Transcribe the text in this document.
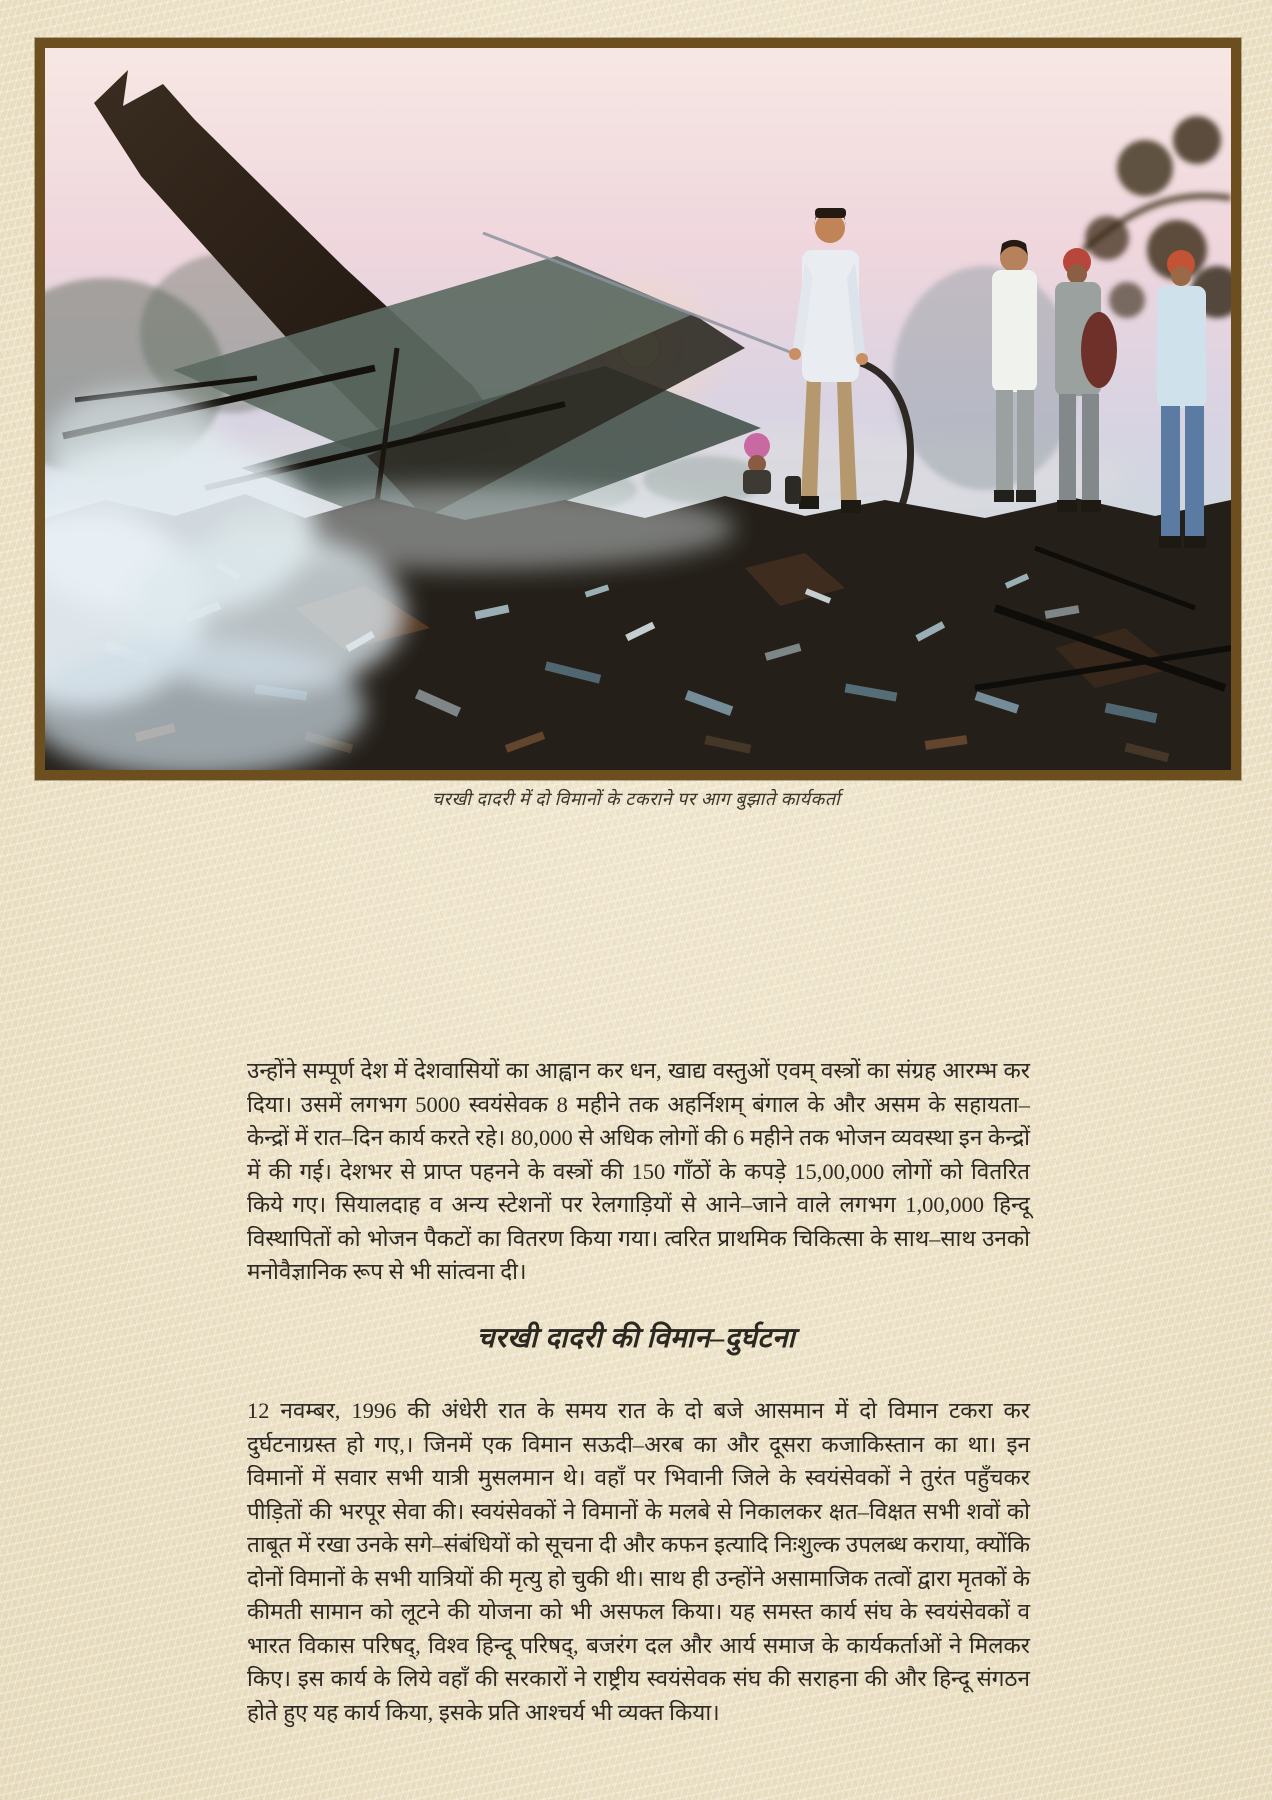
चरखी दादरी में दो विमानों के टकराने पर आग बुझाते कार्यकर्ता

उन्होंने सम्पूर्ण देश में देशवासियों का आह्वान कर धन, खाद्य वस्तुओं एवम् वस्त्रों का संग्रह आरम्भ कर दिया। उसमें लगभग 5000 स्वयंसेवक 8 महीने तक अहर्निशम् बंगाल के और असम के सहायता– केन्द्रों में रात–दिन कार्य करते रहे। 80,000 से अधिक लोगों की 6 महीने तक भोजन व्यवस्था इन केन्द्रों में की गई। देशभर से प्राप्त पहनने के वस्त्रों की 150 गाँठों के कपड़े 15,00,000 लोगों को वितरित किये गए। सियालदाह व अन्य स्टेशनों पर रेलगाड़ियों से आने–जाने वाले लगभग 1,00,000 हिन्दू विस्थापितों को भोजन पैकटों का वितरण किया गया। त्वरित प्राथमिक चिकित्सा के साथ–साथ उनको मनोवैज्ञानिक रूप से भी सांत्वना दी।

चरखी दादरी की विमान–दुर्घटना

12 नवम्बर, 1996 की अंधेरी रात के समय रात के दो बजे आसमान में दो विमान टकरा कर दुर्घटनाग्रस्त हो गए,। जिनमें एक विमान सऊदी–अरब का और दूसरा कजाकिस्तान का था। इन विमानों में सवार सभी यात्री मुसलमान थे। वहाँ पर भिवानी जिले के स्वयंसेवकों ने तुरंत पहुँचकर पीड़ितों की भरपूर सेवा की। स्वयंसेवकों ने विमानों के मलबे से निकालकर क्षत–विक्षत सभी शवों को ताबूत में रखा उनके सगे–संबंधियों को सूचना दी और कफन इत्यादि निःशुल्क उपलब्ध कराया, क्योंकि दोनों विमानों के सभी यात्रियों की मृत्यु हो चुकी थी। साथ ही उन्होंने असामाजिक तत्वों द्वारा मृतकों के कीमती सामान को लूटने की योजना को भी असफल किया। यह समस्त कार्य संघ के स्वयंसेवकों व भारत विकास परिषद्, विश्व हिन्दू परिषद्, बजरंग दल और आर्य समाज के कार्यकर्ताओं ने मिलकर किए। इस कार्य के लिये वहाँ की सरकारों ने राष्ट्रीय स्वयंसेवक संघ की सराहना की और हिन्दू संगठन होते हुए यह कार्य किया, इसके प्रति आश्चर्य भी व्यक्त किया।
